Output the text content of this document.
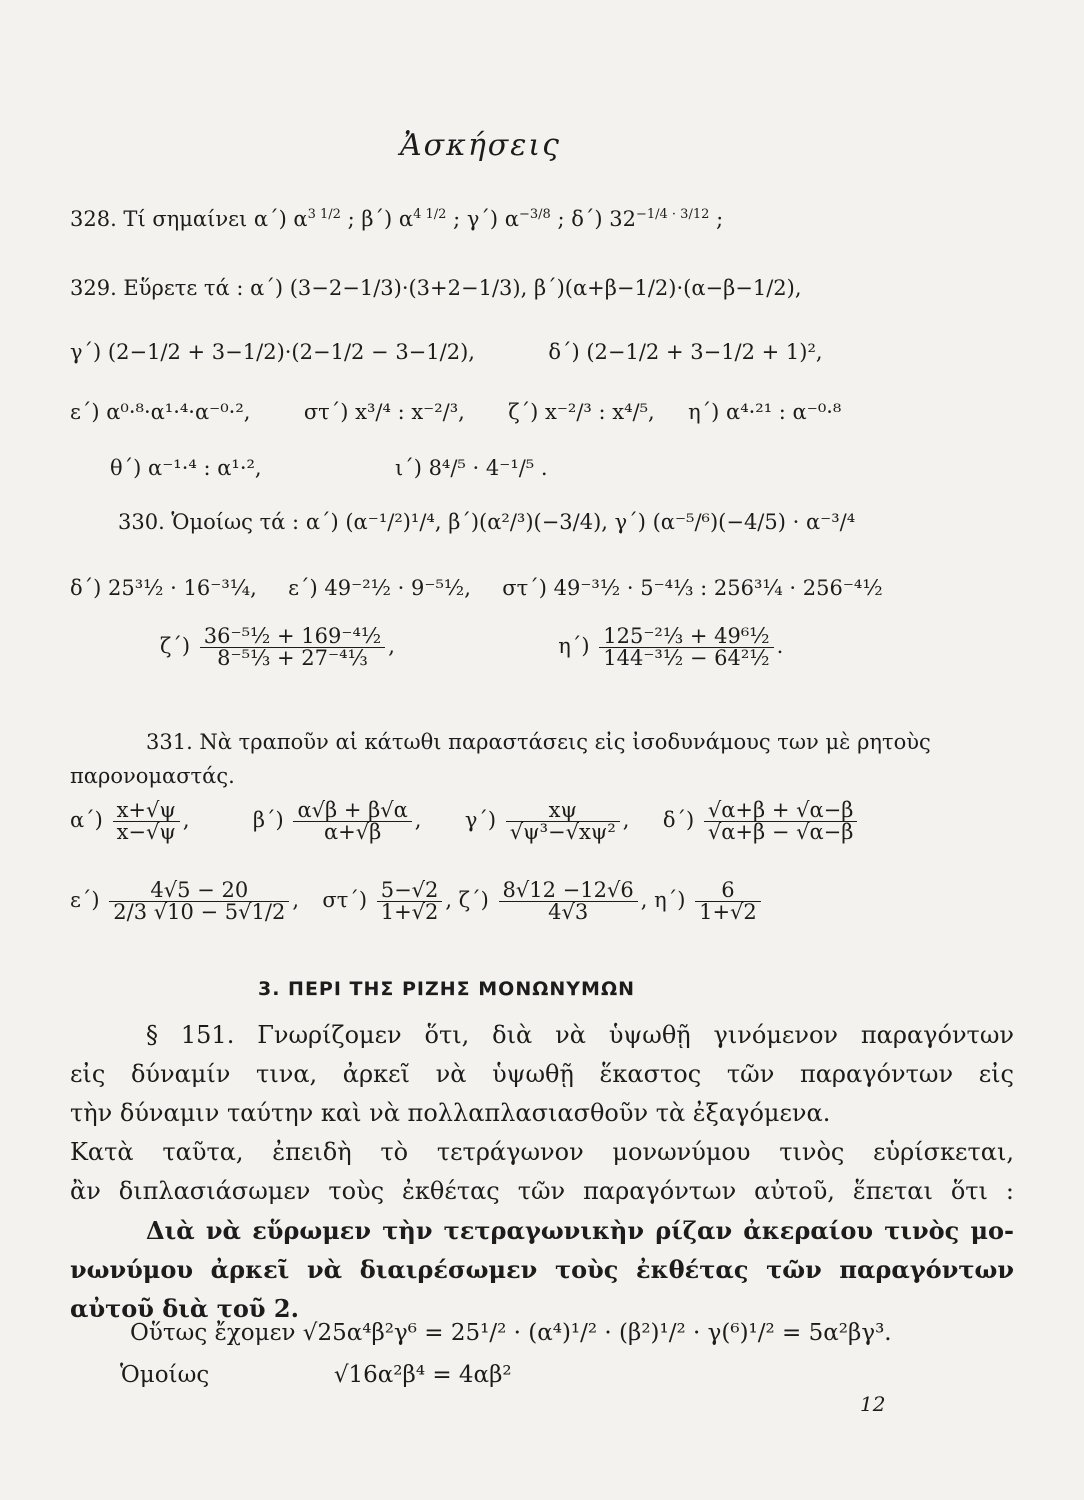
Ἀσκήσεις
328. Τί σημαίνει α΄) $\alpha^{3 1/2}$ ; β΄) $\alpha^{4 1/2}$ ; γ΄) $\alpha^{-3/8}$ ; δ΄) $32^{-1/4 \cdot 3/12}$ ;
329. Εὕρετε τά : α΄) (3−2−1/3)·(3+2−1/3), β΄)(α+β−1/2)·(α−β−1/2),
γ΄) (2−1/2 + 3−1/2)·(2−1/2 − 3−1/2),	δ΄) (2−1/2 + 3−1/2 + 1)²,
ε΄) α⁰·⁸·α¹·⁴·α⁻⁰·²,	στ΄) x³/⁴ : x⁻²/³, ζ΄) x⁻²/³ : x⁴/⁵, η΄) α⁴·²¹ : α⁻⁰·⁸
θ΄) α⁻¹·⁴ : α¹·²,	ι΄) 8⁴/⁵ · 4⁻¹/⁵ .
330. Ὁμοίως τά : α΄) (α⁻¹/²)¹/⁴, β΄)(α²/³)(−3/4), γ΄) (α⁻⁵/⁶)(−4/5) · α⁻³/⁴
δ΄) 25³½ · 16⁻³¼, ε΄) 49⁻²½ · 9⁻⁵½, στ΄) 49⁻³½ · 5⁻⁴⅓ : 256³¼ · 256⁻⁴½
$\zeta΄) \frac{\text{36⁻⁵½ + 169⁻⁴½}}{\text{8⁻⁵⅓ + 27⁻⁴⅓}}$ ,	$\eta΄) \frac{\text{125⁻²⅓ + 49⁶½}}{\text{144⁻³½ − 64²½}}$ .
331. Νὰ τραποῦν αἱ κάτωθι παραστάσεις εἰς ἰσοδυνάμους των μὲ ρητοὺς
παρονομαστάς.
$\alpha΄) \frac{x+√\psi}{x-√\psi}$ ,	$\beta΄) \frac{\alpha√\beta + \beta√\alpha}{\alpha+√\beta}$ ,  $\gamma΄) \frac{x\psi}{\text{√ψ³−√xψ²}}$ ,  $\delta΄) \frac{√\alpha+\beta + √\alpha-\beta}{√\alpha+\beta - √\alpha-\beta}$
$\varepsilon΄) \frac{4√5 - 20}{2/3 √10 - 5√1/2}$ ,  $\sigma\tau΄) \frac{5-√2}{1+√2}$ , $\zeta΄) \frac{8√12 -12√6}{4√3}$ , $\eta΄) \frac{6}{1+√2}$
3. ΠΕΡΙ ΤΗΣ ΡΙΖΗΣ ΜΟΝΩΝΥΜΩΝ
§ 151. Γνωρίζομεν ὅτι, διὰ νὰ ὑψωθῇ γινόμενον παραγόντων
εἰς δύναμίν τινα, ἀρκεῖ νὰ ὑψωθῇ ἕκαστος τῶν παραγόντων εἰς
τὴν δύναμιν ταύτην καὶ νὰ πολλαπλασιασθοῦν τὰ ἐξαγόμενα.
Κατὰ ταῦτα, ἐπειδὴ τὸ τετράγωνον μονωνύμου τινὸς εὑρίσκεται,
ἂν διπλασιάσωμεν τοὺς ἐκθέτας τῶν παραγόντων αὐτοῦ, ἕπεται ὅτι :
Διὰ νὰ εὕρωμεν τὴν τετραγωνικὴν ρίζαν ἀκεραίου τινὸς μο-
νωνύμου ἀρκεῖ νὰ διαιρέσωμεν τοὺς ἐκθέτας τῶν παραγόντων
αὐτοῦ διὰ τοῦ 2.
Οὕτως ἔχομεν √25α⁴β²γ⁶ = 25¹/² · (α⁴)¹/² · (β²)¹/² · γ(⁶)¹/² = 5α²βγ³.
Ὁμοίως	√16α²β⁴ = 4αβ²
12
